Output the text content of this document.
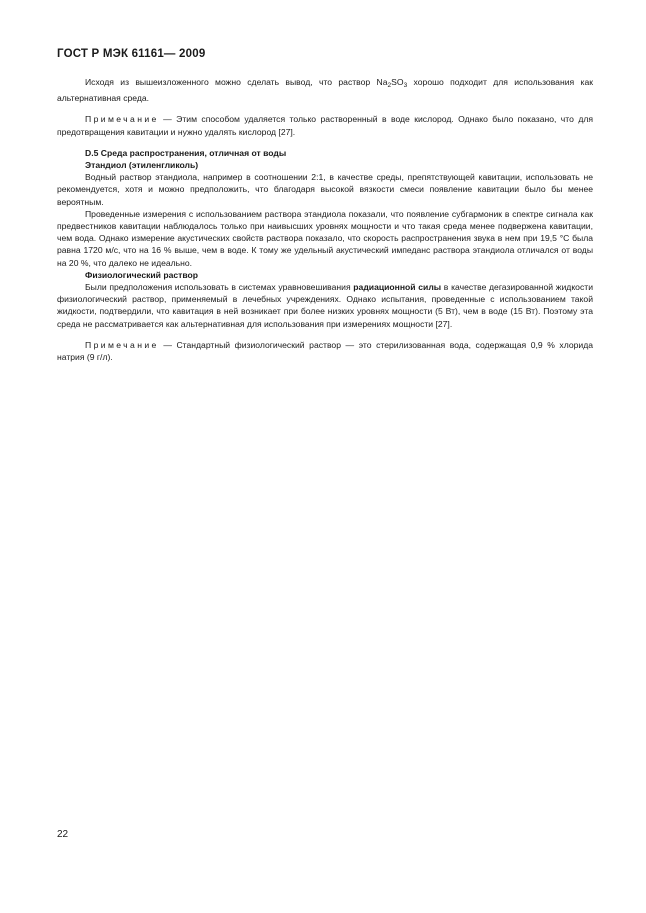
ГОСТ Р МЭК 61161— 2009

Исходя из вышеизложенного можно сделать вывод, что раствор $Na_2SO_3$ хорошо подходит для использования как альтернативная среда.

Примечание — Этим способом удаляется только растворенный в воде кислород. Однако было показано, что для предотвращения кавитации и нужно удалять кислород [27].

D.5 Среда распространения, отличная от воды

Этандиол (этиленгликоль)

Водный раствор этандиола, например в соотношении 2:1, в качестве среды, препятствующей кавитации, использовать не рекомендуется, хотя и можно предположить, что благодаря высокой вязкости смеси появление кавитации было бы менее вероятным.

Проведенные измерения с использованием раствора этандиола показали, что появление субгармоник в спектре сигнала как предвестников кавитации наблюдалось только при наивысших уровнях мощности и что такая среда менее подвержена кавитации, чем вода. Однако измерение акустических свойств раствора показало, что скорость распространения звука в нем при 19,5 °С была равна 1720 м/с, что на 16 % выше, чем в воде. К тому же удельный акустический импеданс раствора этандиола отличался от воды на 20 %, что далеко не идеально.

Физиологический раствор

Были предположения использовать в системах уравновешивания радиационной силы в качестве дегазированной жидкости физиологический раствор, применяемый в лечебных учреждениях. Однако испытания, проведенные с использованием такой жидкости, подтвердили, что кавитация в ней возникает при более низких уровнях мощности (5 Вт), чем в воде (15 Вт). Поэтому эта среда не рассматривается как альтернативная для использования при измерениях мощности [27].

Примечание — Стандартный физиологический раствор — это стерилизованная вода, содержащая 0,9 % хлорида натрия (9 г/л).

22
